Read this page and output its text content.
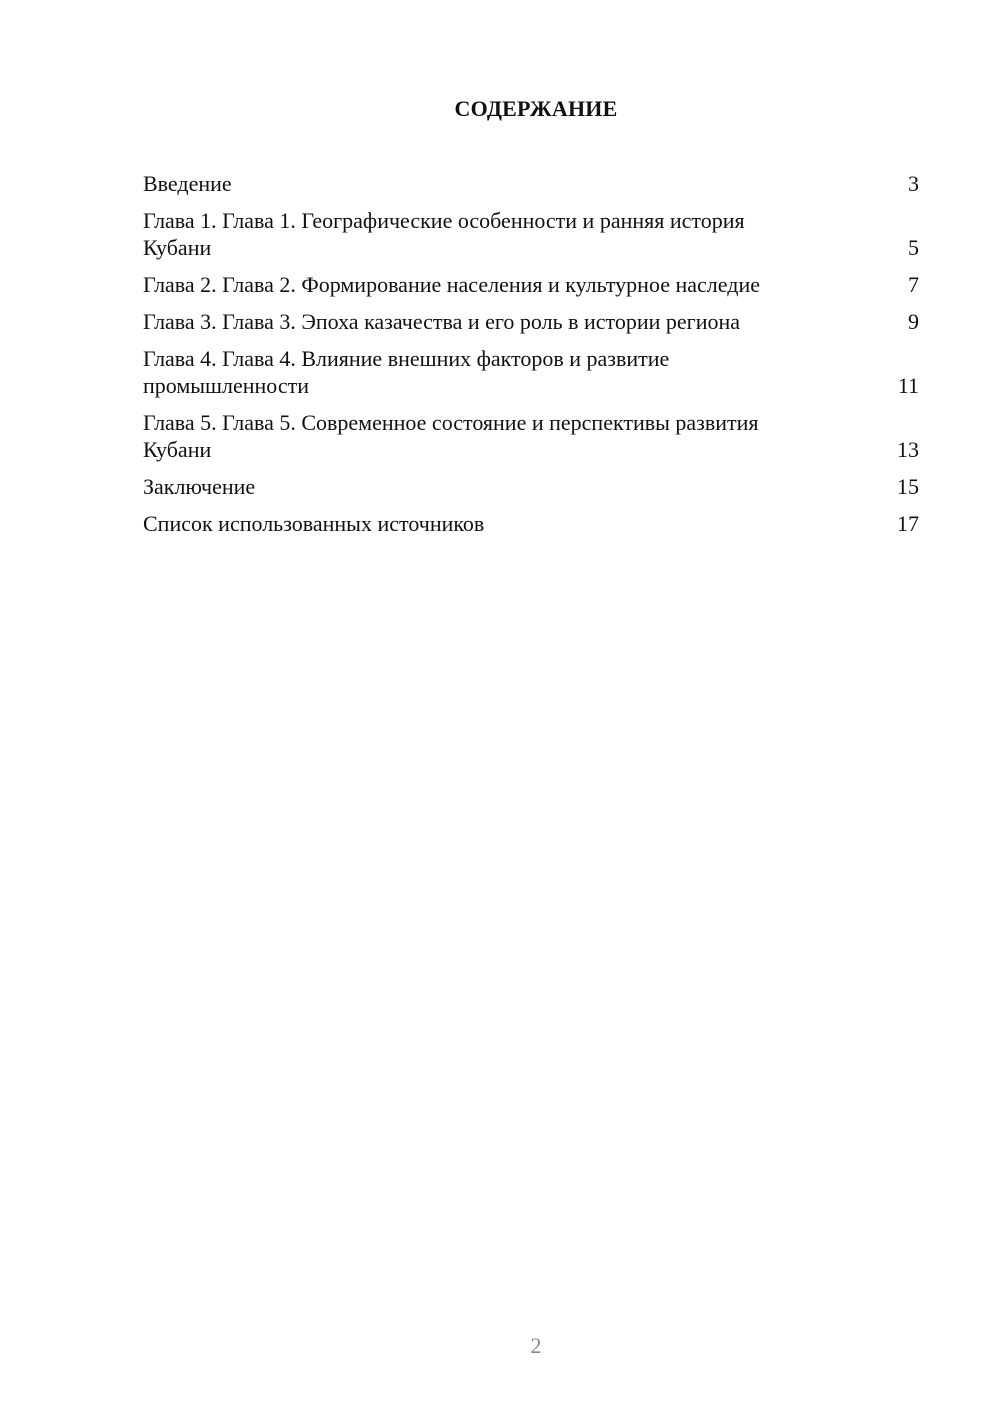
СОДЕРЖАНИЕ
Введение	3
Глава 1. Глава 1. Географические особенности и ранняя история Кубани	5
Глава 2. Глава 2. Формирование населения и культурное наследие	7
Глава 3. Глава 3. Эпоха казачества и его роль в истории региона	9
Глава 4. Глава 4. Влияние внешних факторов и развитие промышленности	11
Глава 5. Глава 5. Современное состояние и перспективы развития Кубани	13
Заключение	15
Список использованных источников	17
2
